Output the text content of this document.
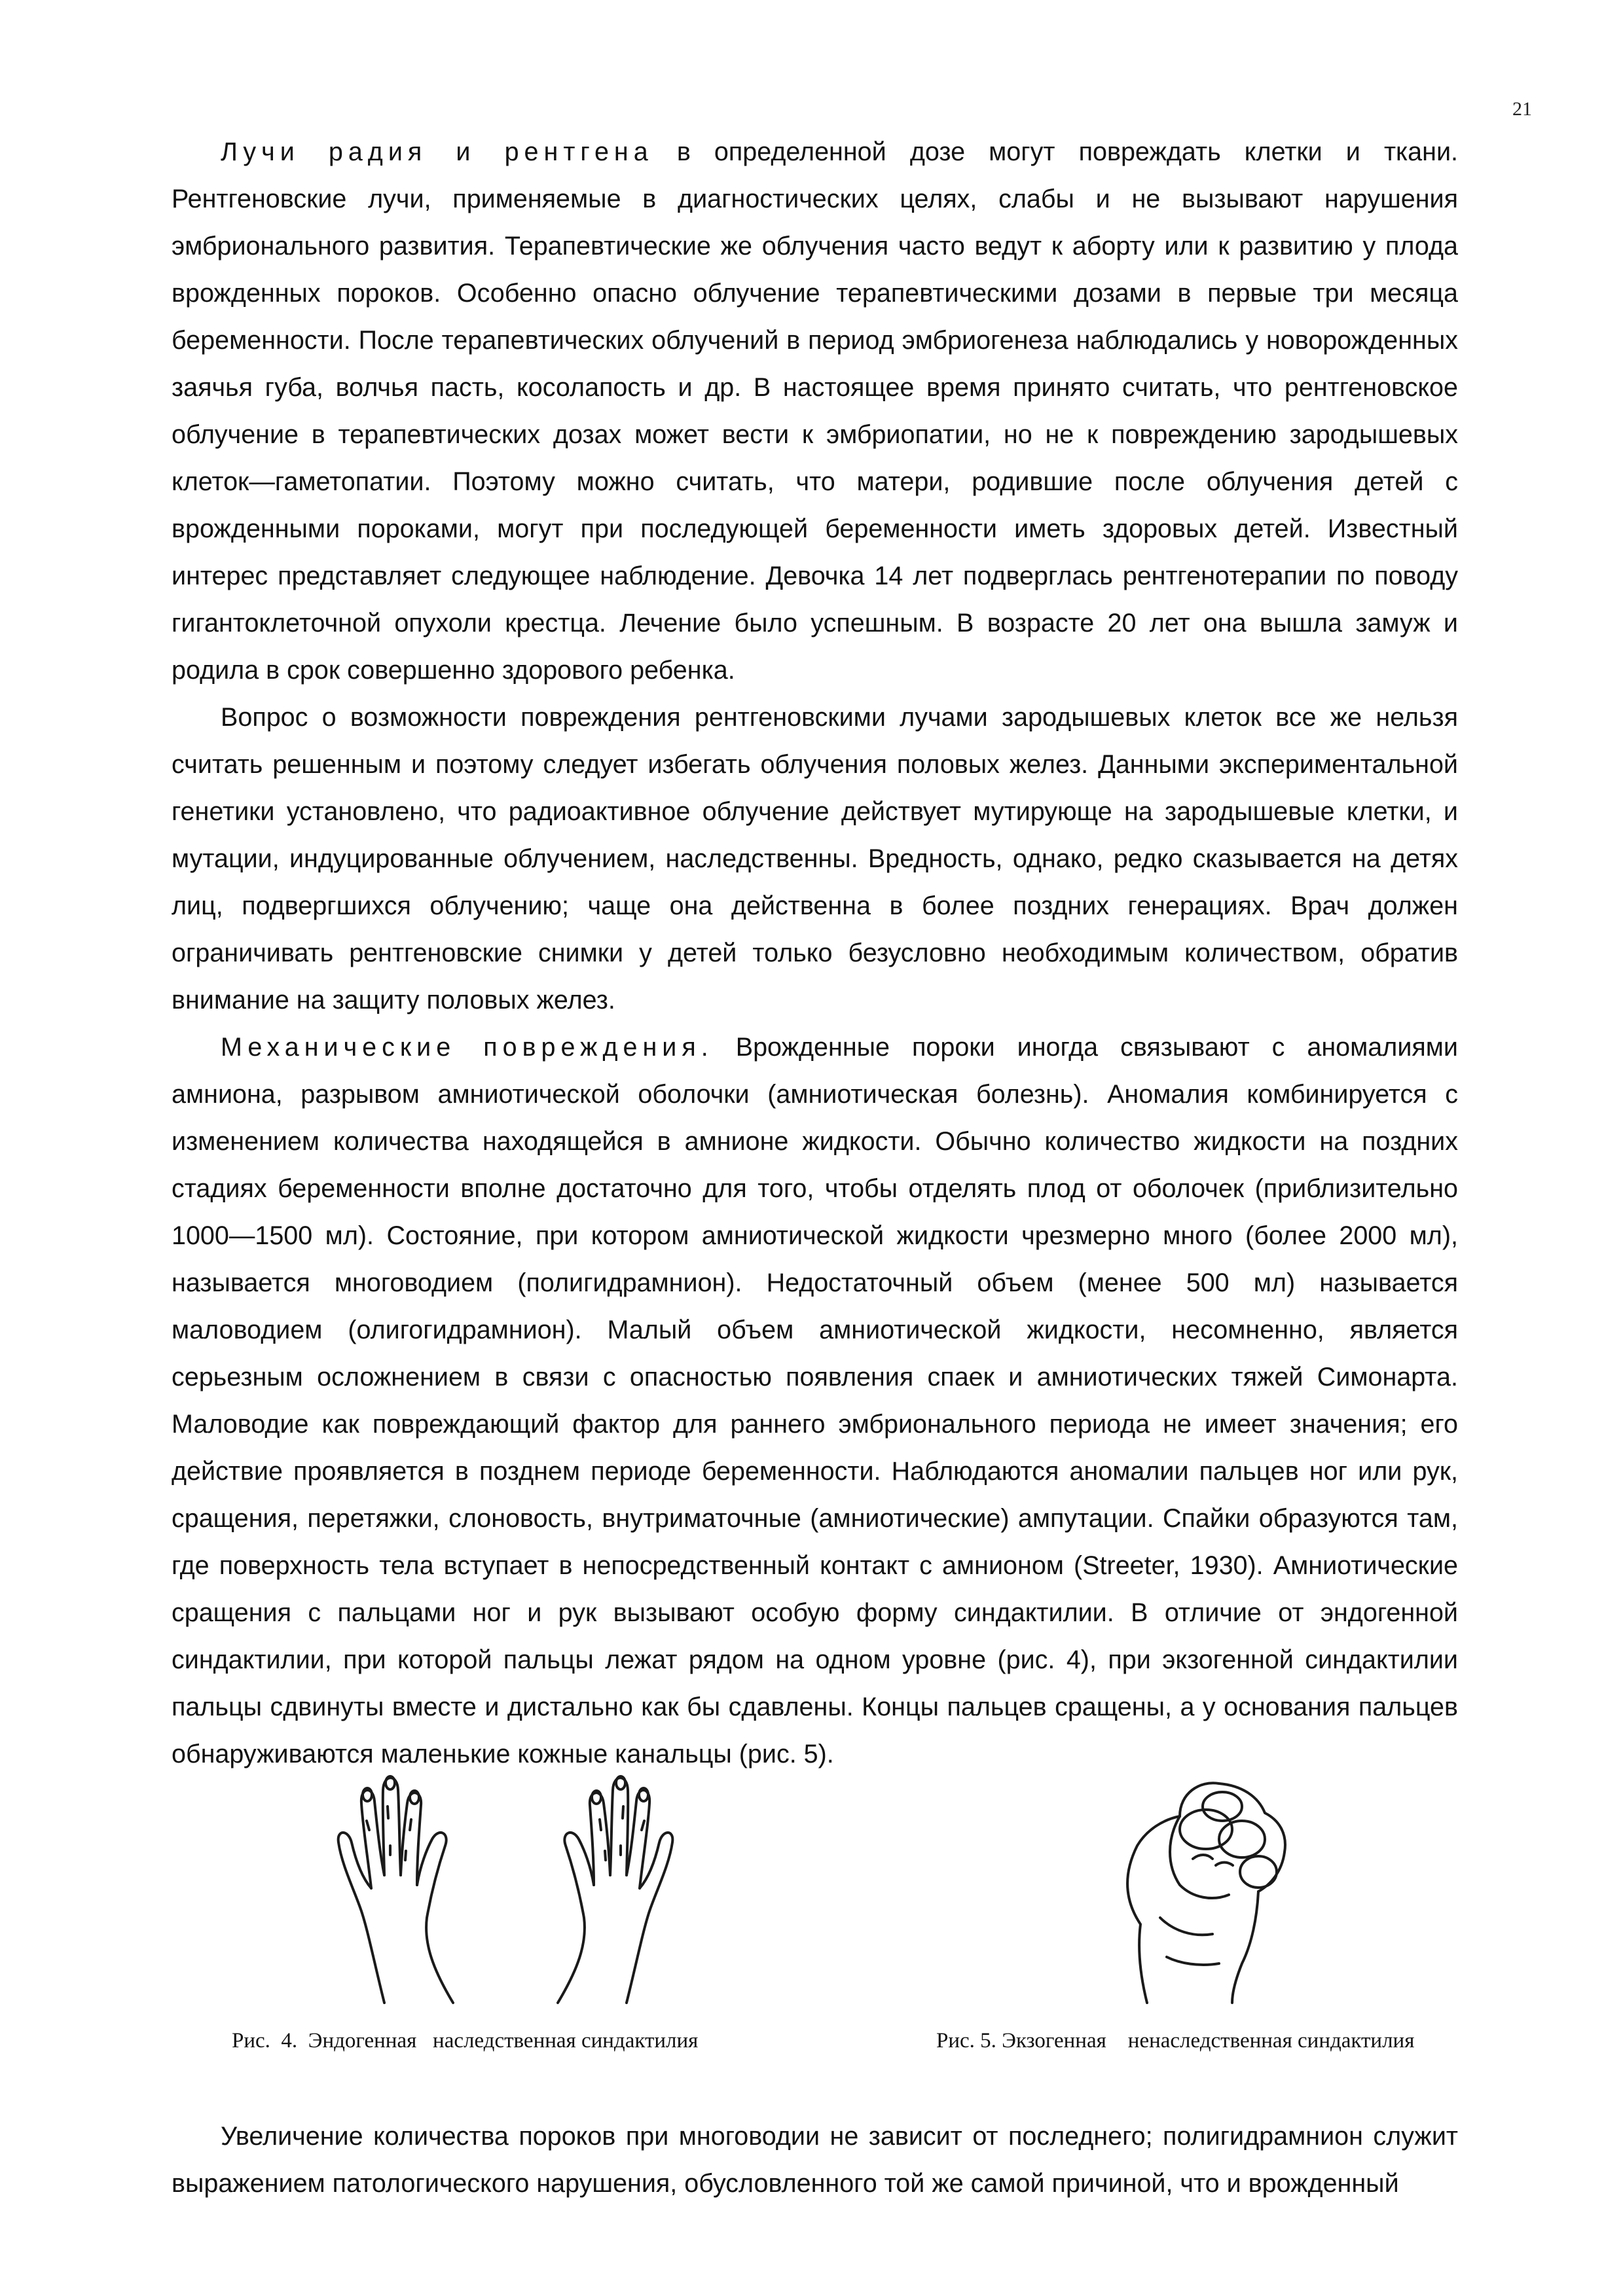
21

Лучи радия и рентгена в определенной дозе могут повреждать клетки и ткани. Рентгеновские лучи, применяемые в диагностических целях, слабы и не вызывают нарушения эмбрионального развития. Терапевтические же облучения часто ведут к аборту или к развитию у плода врожденных пороков. Особенно опасно облучение терапевтическими дозами в первые три месяца беременности. После терапевтических облучений в период эмбриогенеза наблюдались у новорожденных заячья губа, волчья пасть, косолапость и др. В настоящее время принято считать, что рентгеновское облучение в терапевтических дозах может вести к эмбриопатии, но не к повреждению зародышевых клеток—гаметопатии. Поэтому можно считать, что матери, родившие после облучения детей с врожденными пороками, могут при последующей беременности иметь здоровых детей. Известный интерес представляет следующее наблюдение. Девочка 14 лет подверглась рентгенотерапии по поводу гигантоклеточной опухоли крестца. Лечение было успешным. В возрасте 20 лет она вышла замуж и родила в срок совершенно здорового ребенка.

Вопрос о возможности повреждения рентгеновскими лучами зародышевых клеток все же нельзя считать решенным и поэтому следует избегать облучения половых желез. Данными экспериментальной генетики установлено, что радиоактивное облучение действует мутирующе на зародышевые клетки, и мутации, индуцированные облучением, наследственны. Вредность, однако, редко сказывается на детях лиц, подвергшихся облучению; чаще она действенна в более поздних генерациях. Врач должен ограничивать рентгеновские снимки у детей только безусловно необходимым количеством, обратив внимание на защиту половых желез.

Механические повреждения. Врожденные пороки иногда связывают с аномалиями амниона, разрывом амниотической оболочки (амниотическая болезнь). Аномалия комбинируется с изменением количества находящейся в амнионе жидкости. Обычно количество жидкости на поздних стадиях беременности вполне достаточно для того, чтобы отделять плод от оболочек (приблизительно 1000—1500 мл). Состояние, при котором амниотической жидкости чрезмерно много (более 2000 мл), называется многоводием (полигидрамнион). Недостаточный объем (менее 500 мл) называется маловодием (олигогидрамнион). Малый объем амниотической жидкости, несомненно, является серьезным осложнением в связи с опасностью появления спаек и амниотических тяжей Симонарта. Маловодие как повреждающий фактор для раннего эмбрионального периода не имеет значения; его действие проявляется в позднем периоде беременности. Наблюдаются аномалии пальцев ног или рук, сращения, перетяжки, слоновость, внутриматочные (амниотические) ампутации. Спайки образуются там, где поверхность тела вступает в непосредственный контакт с амнионом (Streeter, 1930). Амниотические сращения с пальцами ног и рук вызывают особую форму синдактилии. В отличие от эндогенной синдактилии, при которой пальцы лежат рядом на одном уровне (рис. 4), при экзогенной синдактилии пальцы сдвинуты вместе и дистально как бы сдавлены. Концы пальцев сращены, а у основания пальцев обнаруживаются маленькие кожные канальцы (рис. 5).

Рис.  4.  Эндогенная   наследственная синдактилия	Рис. 5. Экзогенная    ненаследственная синдактилия

Увеличение количества пороков при многоводии не зависит от последнего; полигидрамнион служит выражением патологического нарушения, обусловленного той же самой причиной, что и врожденный
